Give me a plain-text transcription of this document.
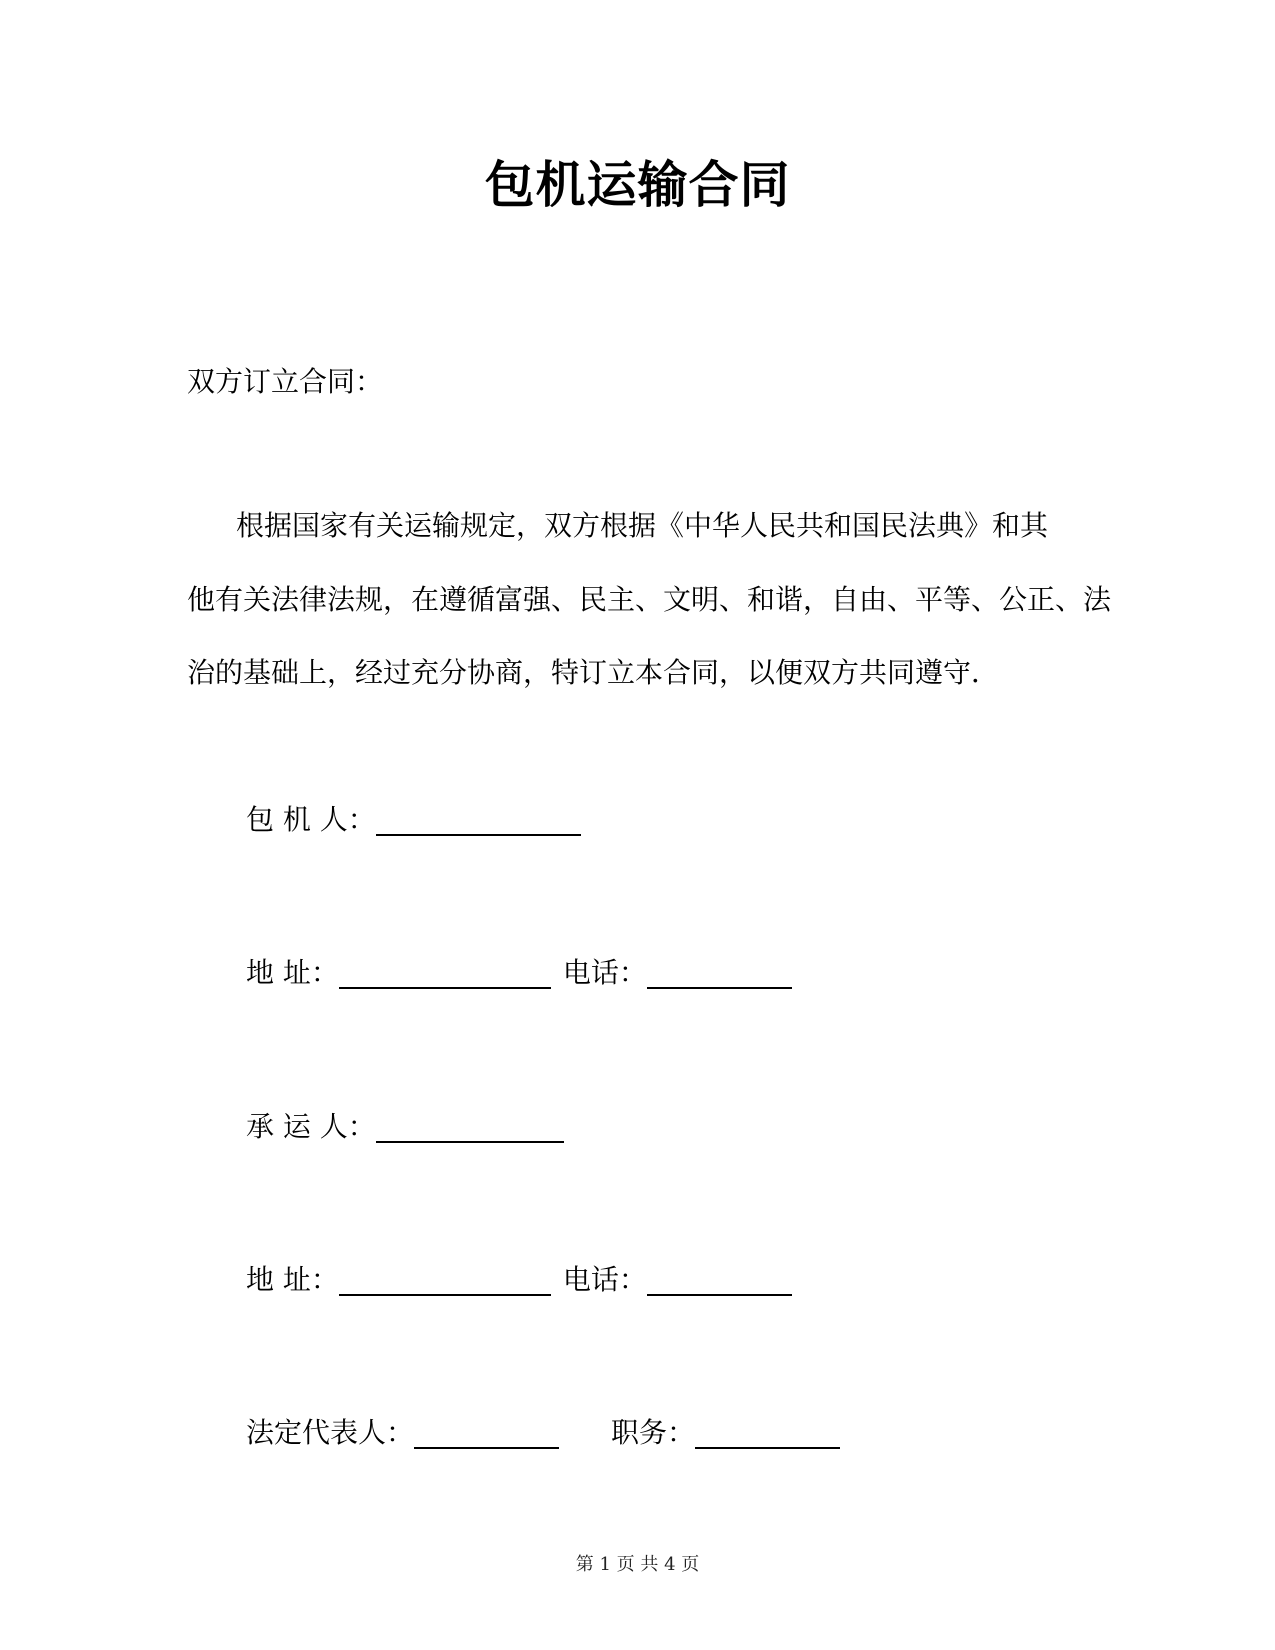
包机运输合同
双方订立合同：
根据国家有关运输规定，双方根据《中华人民共和国民法典》和其
他有关法律法规，在遵循富强、民主、文明、和谐，自由、平等、公正、法
治的基础上，经过充分协商，特订立本合同，以便双方共同遵守．
包 机 人：
地 址：	电话：
承 运 人：
地 址：	电话：
法定代表人：	职务：
第 1 页 共 4 页
